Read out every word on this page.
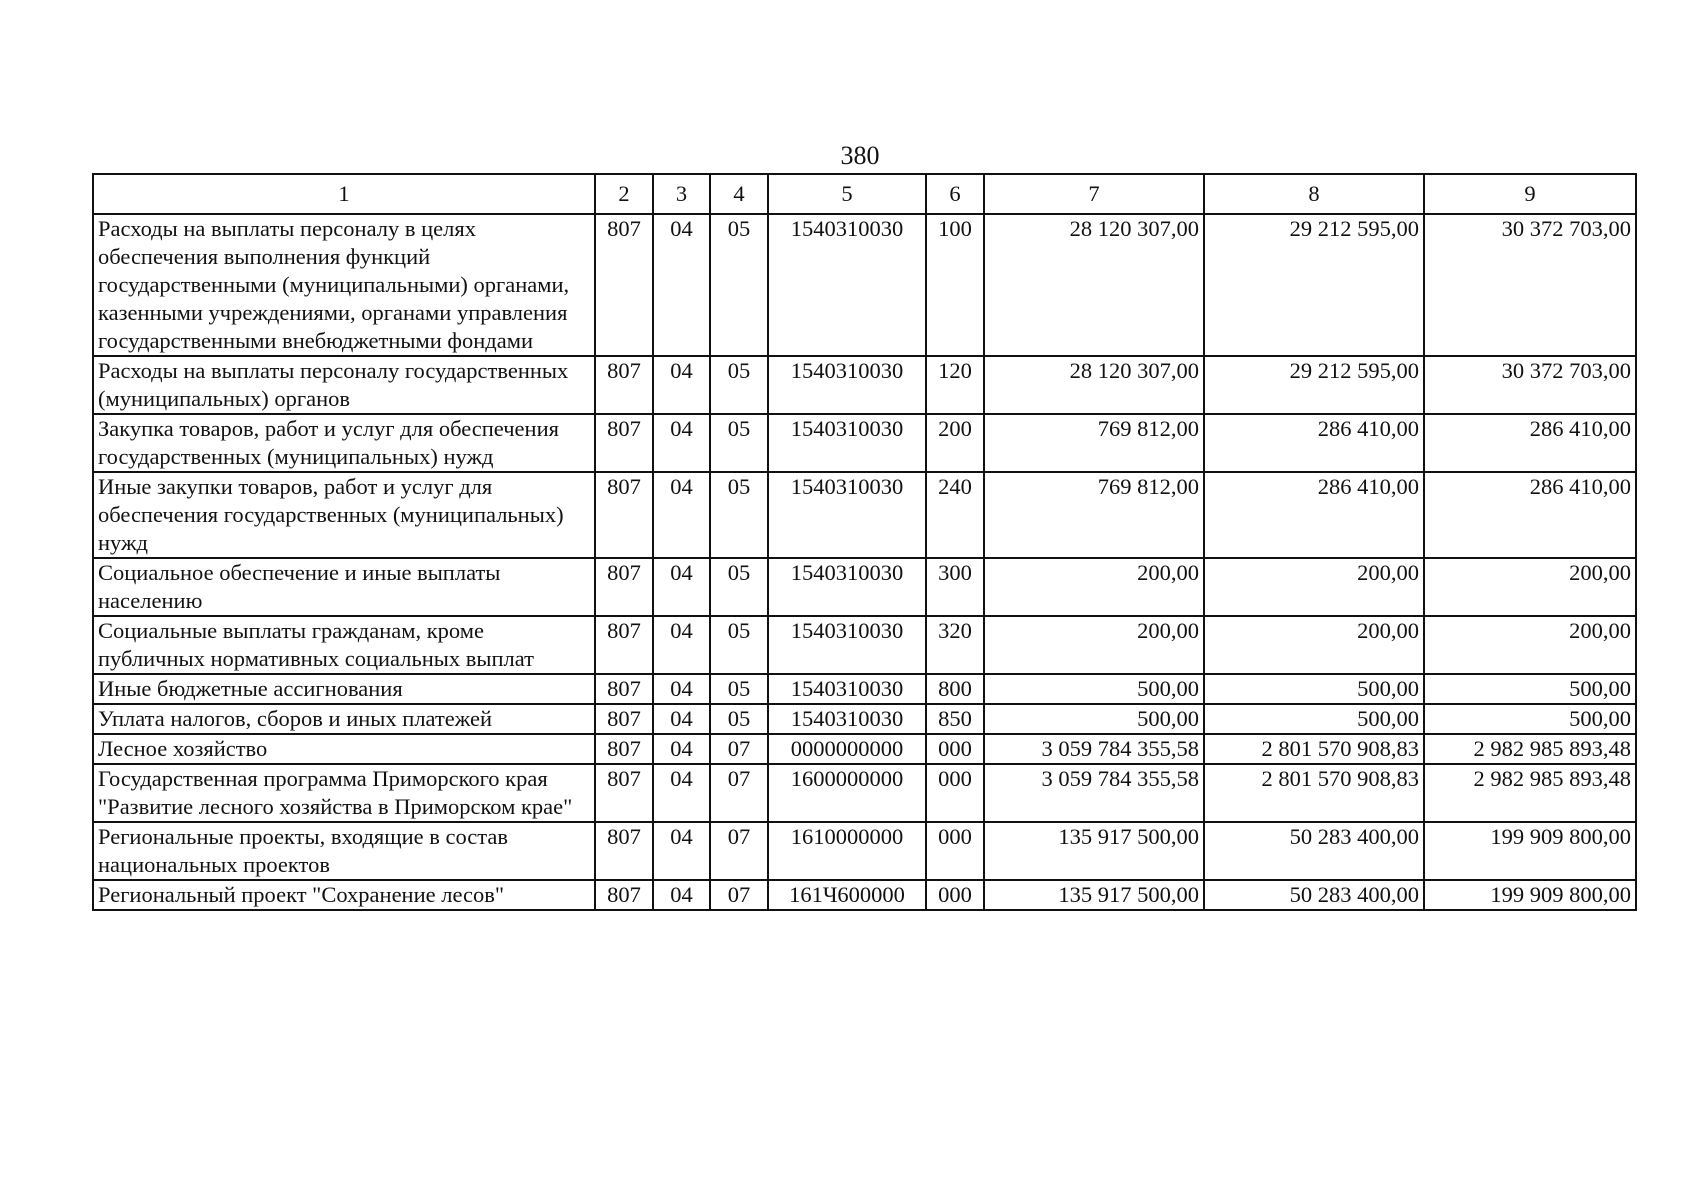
380
1	2	3	4	5	6	7	8	9
Расходы на выплаты персоналу в целях обеспечения выполнения функций государственными (муниципальными) органами, казенными учреждениями, органами управления государственными внебюджетными фондами	807	04	05	1540310030	100	28 120 307,00	29 212 595,00	30 372 703,00
Расходы на выплаты персоналу государственных (муниципальных) органов	807	04	05	1540310030	120	28 120 307,00	29 212 595,00	30 372 703,00
Закупка товаров, работ и услуг для обеспечения государственных (муниципальных) нужд	807	04	05	1540310030	200	769 812,00	286 410,00	286 410,00
Иные закупки товаров, работ и услуг для обеспечения государственных (муниципальных) нужд	807	04	05	1540310030	240	769 812,00	286 410,00	286 410,00
Социальное обеспечение и иные выплаты населению	807	04	05	1540310030	300	200,00	200,00	200,00
Социальные выплаты гражданам, кроме публичных нормативных социальных выплат	807	04	05	1540310030	320	200,00	200,00	200,00
Иные бюджетные ассигнования	807	04	05	1540310030	800	500,00	500,00	500,00
Уплата налогов, сборов и иных платежей	807	04	05	1540310030	850	500,00	500,00	500,00
Лесное хозяйство	807	04	07	0000000000	000	3 059 784 355,58	2 801 570 908,83	2 982 985 893,48
Государственная программа Приморского края "Развитие лесного хозяйства в Приморском крае"	807	04	07	1600000000	000	3 059 784 355,58	2 801 570 908,83	2 982 985 893,48
Региональные проекты, входящие в состав национальных проектов	807	04	07	1610000000	000	135 917 500,00	50 283 400,00	199 909 800,00
Региональный проект "Сохранение лесов"	807	04	07	161Ч600000	000	135 917 500,00	50 283 400,00	199 909 800,00
